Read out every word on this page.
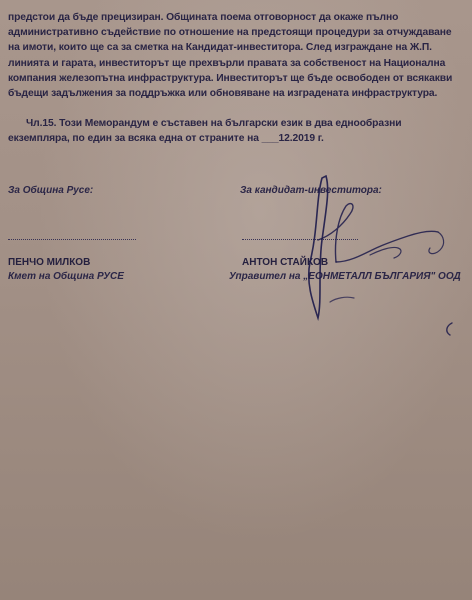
предстои да бъде прецизиран. Общината поема отговорност да окаже пълно
административно съдействие по отношение на предстоящи процедури за отчуждаване
на имоти, които ще са за сметка на Кандидат-инвеститора. След изграждане на Ж.П.
линията и гарата, инвеститорът ще прехвърли правата за собственост на Национална
компания железопътна инфраструктура. Инвеститорът ще бъде освободен от всякакви
бъдещи задължения за поддръжка или обновяване на изградената инфраструктура.
Чл.15. Този Меморандум е съставен на български език в два еднообразни
екземпляра, по един за всяка една от страните на ___12.2019 г.
За Община Русе:
ПЕНЧО МИЛКОВ
Кмет на Община РУСЕ
За кандидат-инвеститора:
АНТОН СТАЙКОВ
Управител на „ЕОНМЕТАЛЛ БЪЛГАРИЯ" ООД
